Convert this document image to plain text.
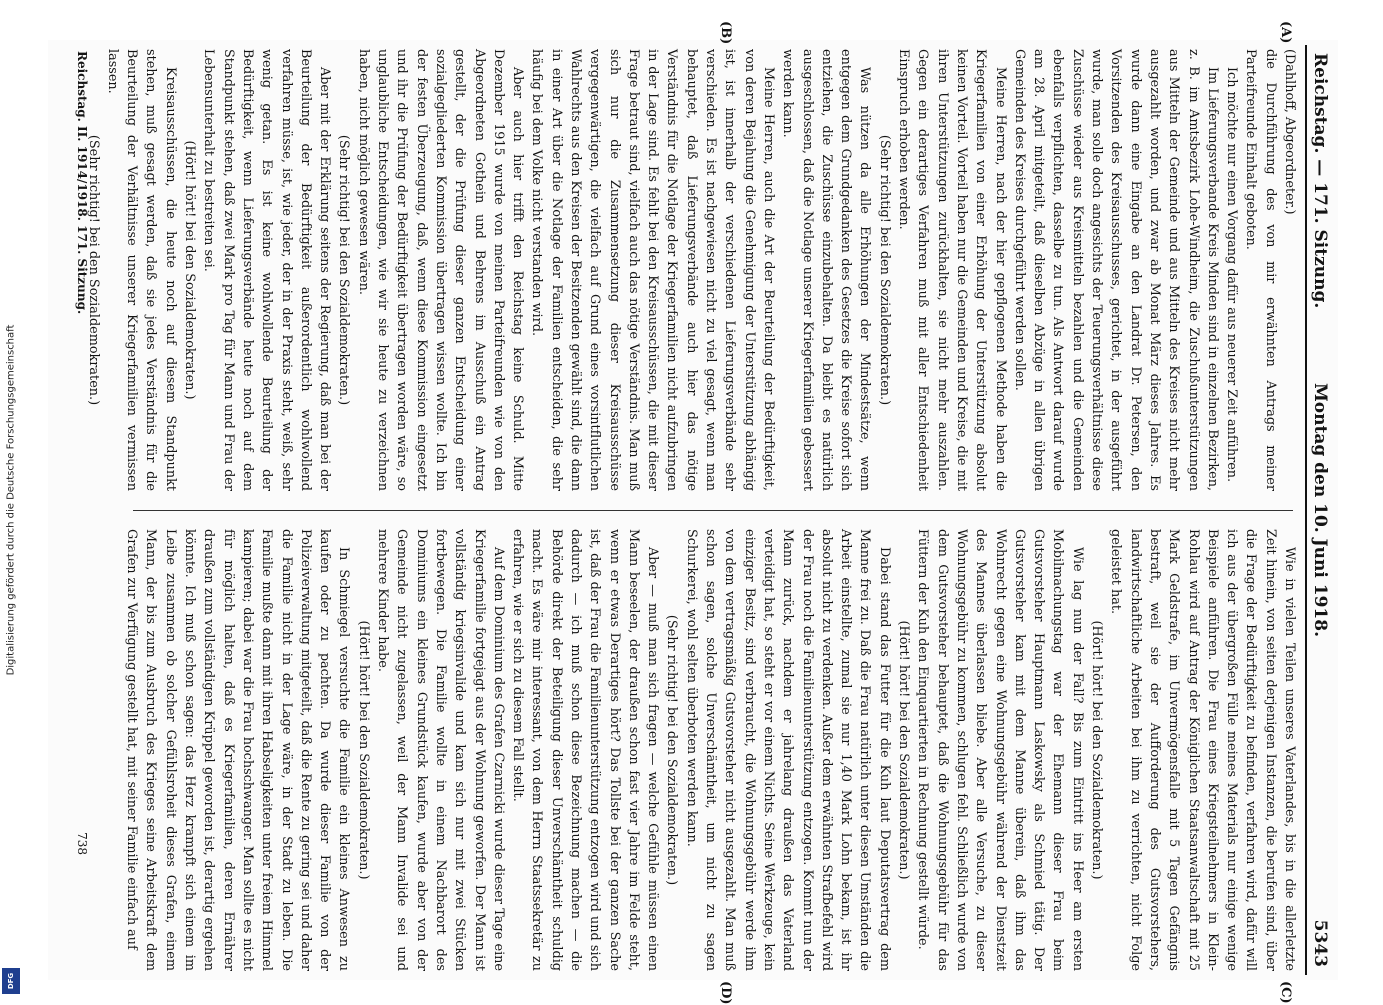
Digitalisierung gefördert durch die Deutsche Forschungsgemeinschaft
DFG
Reichstag. — 171. Sitzung.
Montag den 10. Juni 1918.
5343
(A)
(B)
(C)
(D)

(Dahlhoff, Abgeordneter.)

die Durchführung des von mir erwähnten Antrags meiner Parteifreunde Einhalt geboten.

Ich möchte nur einen Vorgang dafür aus neuerer Zeit anführen.

Im Lieferungsverbande Kreis Minden sind in einzelnen Bezirken, z. B. im Amtsbezirk Lohe-Windheim, die Zuschußunterstützungen aus Mitteln der Gemeinde und aus Mitteln des Kreises nicht mehr ausgezahlt worden, und zwar ab Monat März dieses Jahres. Es wurde dann eine Eingabe an den Landrat Dr. Petersen, den Vorsitzenden des Kreisausschusses, gerichtet, in der ausgeführt wurde, man solle doch angesichts der Teuerungsverhältnisse diese Zuschüsse wieder aus Kreismitteln bezahlen und die Gemeinden ebenfalls verpflichten, dasselbe zu tun. Als Antwort darauf wurde am 28. April mitgeteilt, daß dieselben Abzüge in allen übrigen Gemeinden des Kreises durchgeführt werden sollen.

Meine Herren, nach der hier gepflogenen Methode haben die Kriegerfamilien von einer Erhöhung der Unterstützung absolut keinen Vorteil. Vorteil haben nur die Gemeinden und Kreise, die mit ihren Unterstützungen zurückhalten, sie nicht mehr auszahlen. Gegen ein derartiges Verfahren muß mit aller Entschiedenheit Einspruch erhoben werden.

(Sehr richtig! bei den Sozialdemokraten.)

Was nützen da alle Erhöhungen der Mindestsätze, wenn entgegen dem Grundgedanken des Gesetzes die Kreise sofort sich entziehen, die Zuschüsse einzubehalten. Da bleibt es natürlich ausgeschlossen, daß die Notlage unserer Kriegerfamilien gebessert werden kann.

Meine Herren, auch die Art der Beurteilung der Bedürftigkeit, von deren Bejahung die Genehmigung der Unterstützung abhängig ist, ist innerhalb der verschiedenen Lieferungsverbände sehr verschieden. Es ist nachgewiesen nicht zu viel gesagt, wenn man behauptet, daß Lieferungsverbände auch hier das nötige Verständnis für die Notlage der Kriegerfamilien nicht aufzubringen in der Lage sind. Es fehlt bei den Kreisausschüssen, die mit dieser Frage betraut sind, vielfach auch das nötige Verständnis. Man muß sich nur die Zusammensetzung dieser Kreisausschüsse vergegenwärtigen, die vielfach auf Grund eines vorsintflutlichen Wahlrechts aus den Kreisen der Besitzenden gewählt sind, die dann in einer Art über die Notlage der Familien entscheiden, die sehr häufig bei dem Volke nicht verstanden wird.

Aber auch hier trifft den Reichstag keine Schuld. Mitte Dezember 1915 wurde von meinen Parteifreunden wie von den Abgeordneten Gothein und Behrens im Ausschuß ein Antrag gestellt, der die Prüfung dieser ganzen Entscheidung einer sozialgegliederten Kommission übertragen wissen wollte. Ich bin der festen Überzeugung, daß, wenn diese Kommission eingesetzt und ihr die Prüfung der Bedürftigkeit übertragen worden wäre, so unglaubliche Entscheidungen, wie wir sie heute zu verzeichnen haben, nicht möglich gewesen wären.

(Sehr richtig! bei den Sozialdemokraten.)

Aber mit der Erklärung seitens der Regierung, daß man bei der Beurteilung der Bedürftigkeit außerordentlich wohlwollend verfahren müsse, ist, wie jeder, der in der Praxis steht, weiß, sehr wenig getan. Es ist keine wohlwollende Beurteilung der Bedürftigkeit, wenn Lieferungsverbände heute noch auf dem Standpunkt stehen, daß zwei Mark pro Tag für Mann und Frau der Lebensunterhalt zu bestreiten sei.

(Hört! hört! bei den Sozialdemokraten.)

Kreisausschüssen, die heute noch auf diesem Standpunkt stehen, muß gesagt werden, daß sie jedes Verständnis für die Beurteilung der Verhältnisse unserer Kriegerfamilien vermissen lassen.

(Sehr richtig! bei den Sozialdemokraten.)

Wie in vielen Teilen unseres Vaterlandes, bis in die allerletzte Zeit hinein, von seiten derjenigen Instanzen, die berufen sind, über die Frage der Bedürftigkeit zu befinden, verfahren wird, dafür will ich aus der übergroßen Fülle meines Materials nur einige wenige Beispiele anführen. Die Frau eines Kriegsteilnehmers in Klein-Rohlau wird auf Antrag der Königlichen Staatsanwaltschaft mit 25 Mark Geldstrafe, im Unvermögensfalle mit 5 Tagen Gefängnis bestraft, weil sie der Aufforderung des Gutsvorstehers, landwirtschaftliche Arbeiten bei ihm zu verrichten, nicht Folge geleistet hat.

(Hört! hört! bei den Sozialdemokraten.)

Wie lag nun der Fall? Bis zum Eintritt ins Heer am ersten Mobilmachungstag war der Ehemann dieser Frau beim Gutsvorsteher Hauptmann Laskowsky als Schmied tätig. Der Gutsvorsteher kam mit dem Manne überein, daß ihm das Wohnrecht gegen eine Wohnungsgebühr während der Dienstzeit des Mannes überlassen bliebe. Aber alle Versuche, zu dieser Wohnungsgebühr zu kommen, schlugen fehl. Schließlich wurde von dem Gutsvorsteher behauptet, daß die Wohnungsgebühr für das Füttern der Kuh den Einquartierten in Rechnung gestellt würde.

(Hört! hört! bei den Sozialdemokraten.)

Dabei stand das Futter für die Kuh laut Deputatsvertrag dem Manne frei zu. Daß die Frau natürlich unter diesen Umständen die Arbeit einstellte, zumal sie nur 1,40 Mark Lohn bekam, ist ihr absolut nicht zu verdenken. Außer dem erwähnten Strafbefehl wird der Frau noch die Familienunterstützung entzogen. Kommt nun der Mann zurück, nachdem er jahrelang draußen das Vaterland verteidigt hat, so steht er vor einem Nichts. Seine Werkzeuge, kein einziger Besitz, sind verbraucht, die Wohnungsgebühr werde ihm von dem vertragsmäßig Gutsvorsteher nicht ausgezahlt. Man muß schon sagen, solche Unverschämtheit, um nicht zu sagen Schurkerei, wohl selten überboten werden kann.

(Sehr richtig! bei den Sozialdemokraten.)

Aber — muß man sich fragen — welche Gefühle müssen einen Mann beseelen, der draußen schon fast vier Jahre im Felde steht, wenn er etwas Derartiges hört? Das Tollste bei der ganzen Sache ist, daß der Frau die Familienunterstützung entzogen wird und sich dadurch — ich muß schon diese Bezeichnung machen — die Behörde direkt der Beteiligung dieser Unverschämtheit schuldig macht. Es wäre mir interessant, von dem Herrn Staatssekretär zu erfahren, wie er sich zu diesem Fall stellt.

Auf dem Dominium des Grafen Czarnicki wurde dieser Tage eine Kriegerfamilie fortgejagt aus der Wohnung geworfen. Der Mann ist vollständig kriegsinvalide und kam sich nur mit zwei Stücken fortbewegen. Die Familie wollte in einem Nachbarort des Dominiums ein kleines Grundstück kaufen, wurde aber von der Gemeinde nicht zugelassen, weil der Mann Invalide sei und mehrere Kinder habe.

(Hört! hört! bei den Sozialdemokraten.)

In Schmiegel versuchte die Familie ein kleines Anwesen zu kaufen oder zu pachten. Da wurde dieser Familie von der Polizeiverwaltung mitgeteilt, daß die Rente zu gering sei und daher die Familie nicht in der Lage wäre, in der Stadt zu leben. Die Familie mußte dann mit ihren Habseligkeiten unter freiem Himmel kampieren; dabei war die Frau hochschwanger. Man sollte es nicht für möglich halten, daß es Kriegerfamilien, deren Ernährer draußen zum vollständigen Krüppel geworden ist, derartig ergehen könnte. Ich muß schon sagen: das Herz krampft sich einem im Leibe zusammen ob solcher Gefühlsroheit dieses Grafen, einem Mann, der bis zum Ausbruch des Krieges seine Arbeitskraft dem Grafen zur Verfügung gestellt hat, mit seiner Familie einfach auf

Reichstag. II. 1914/1918. 171. Sitzung.
738
